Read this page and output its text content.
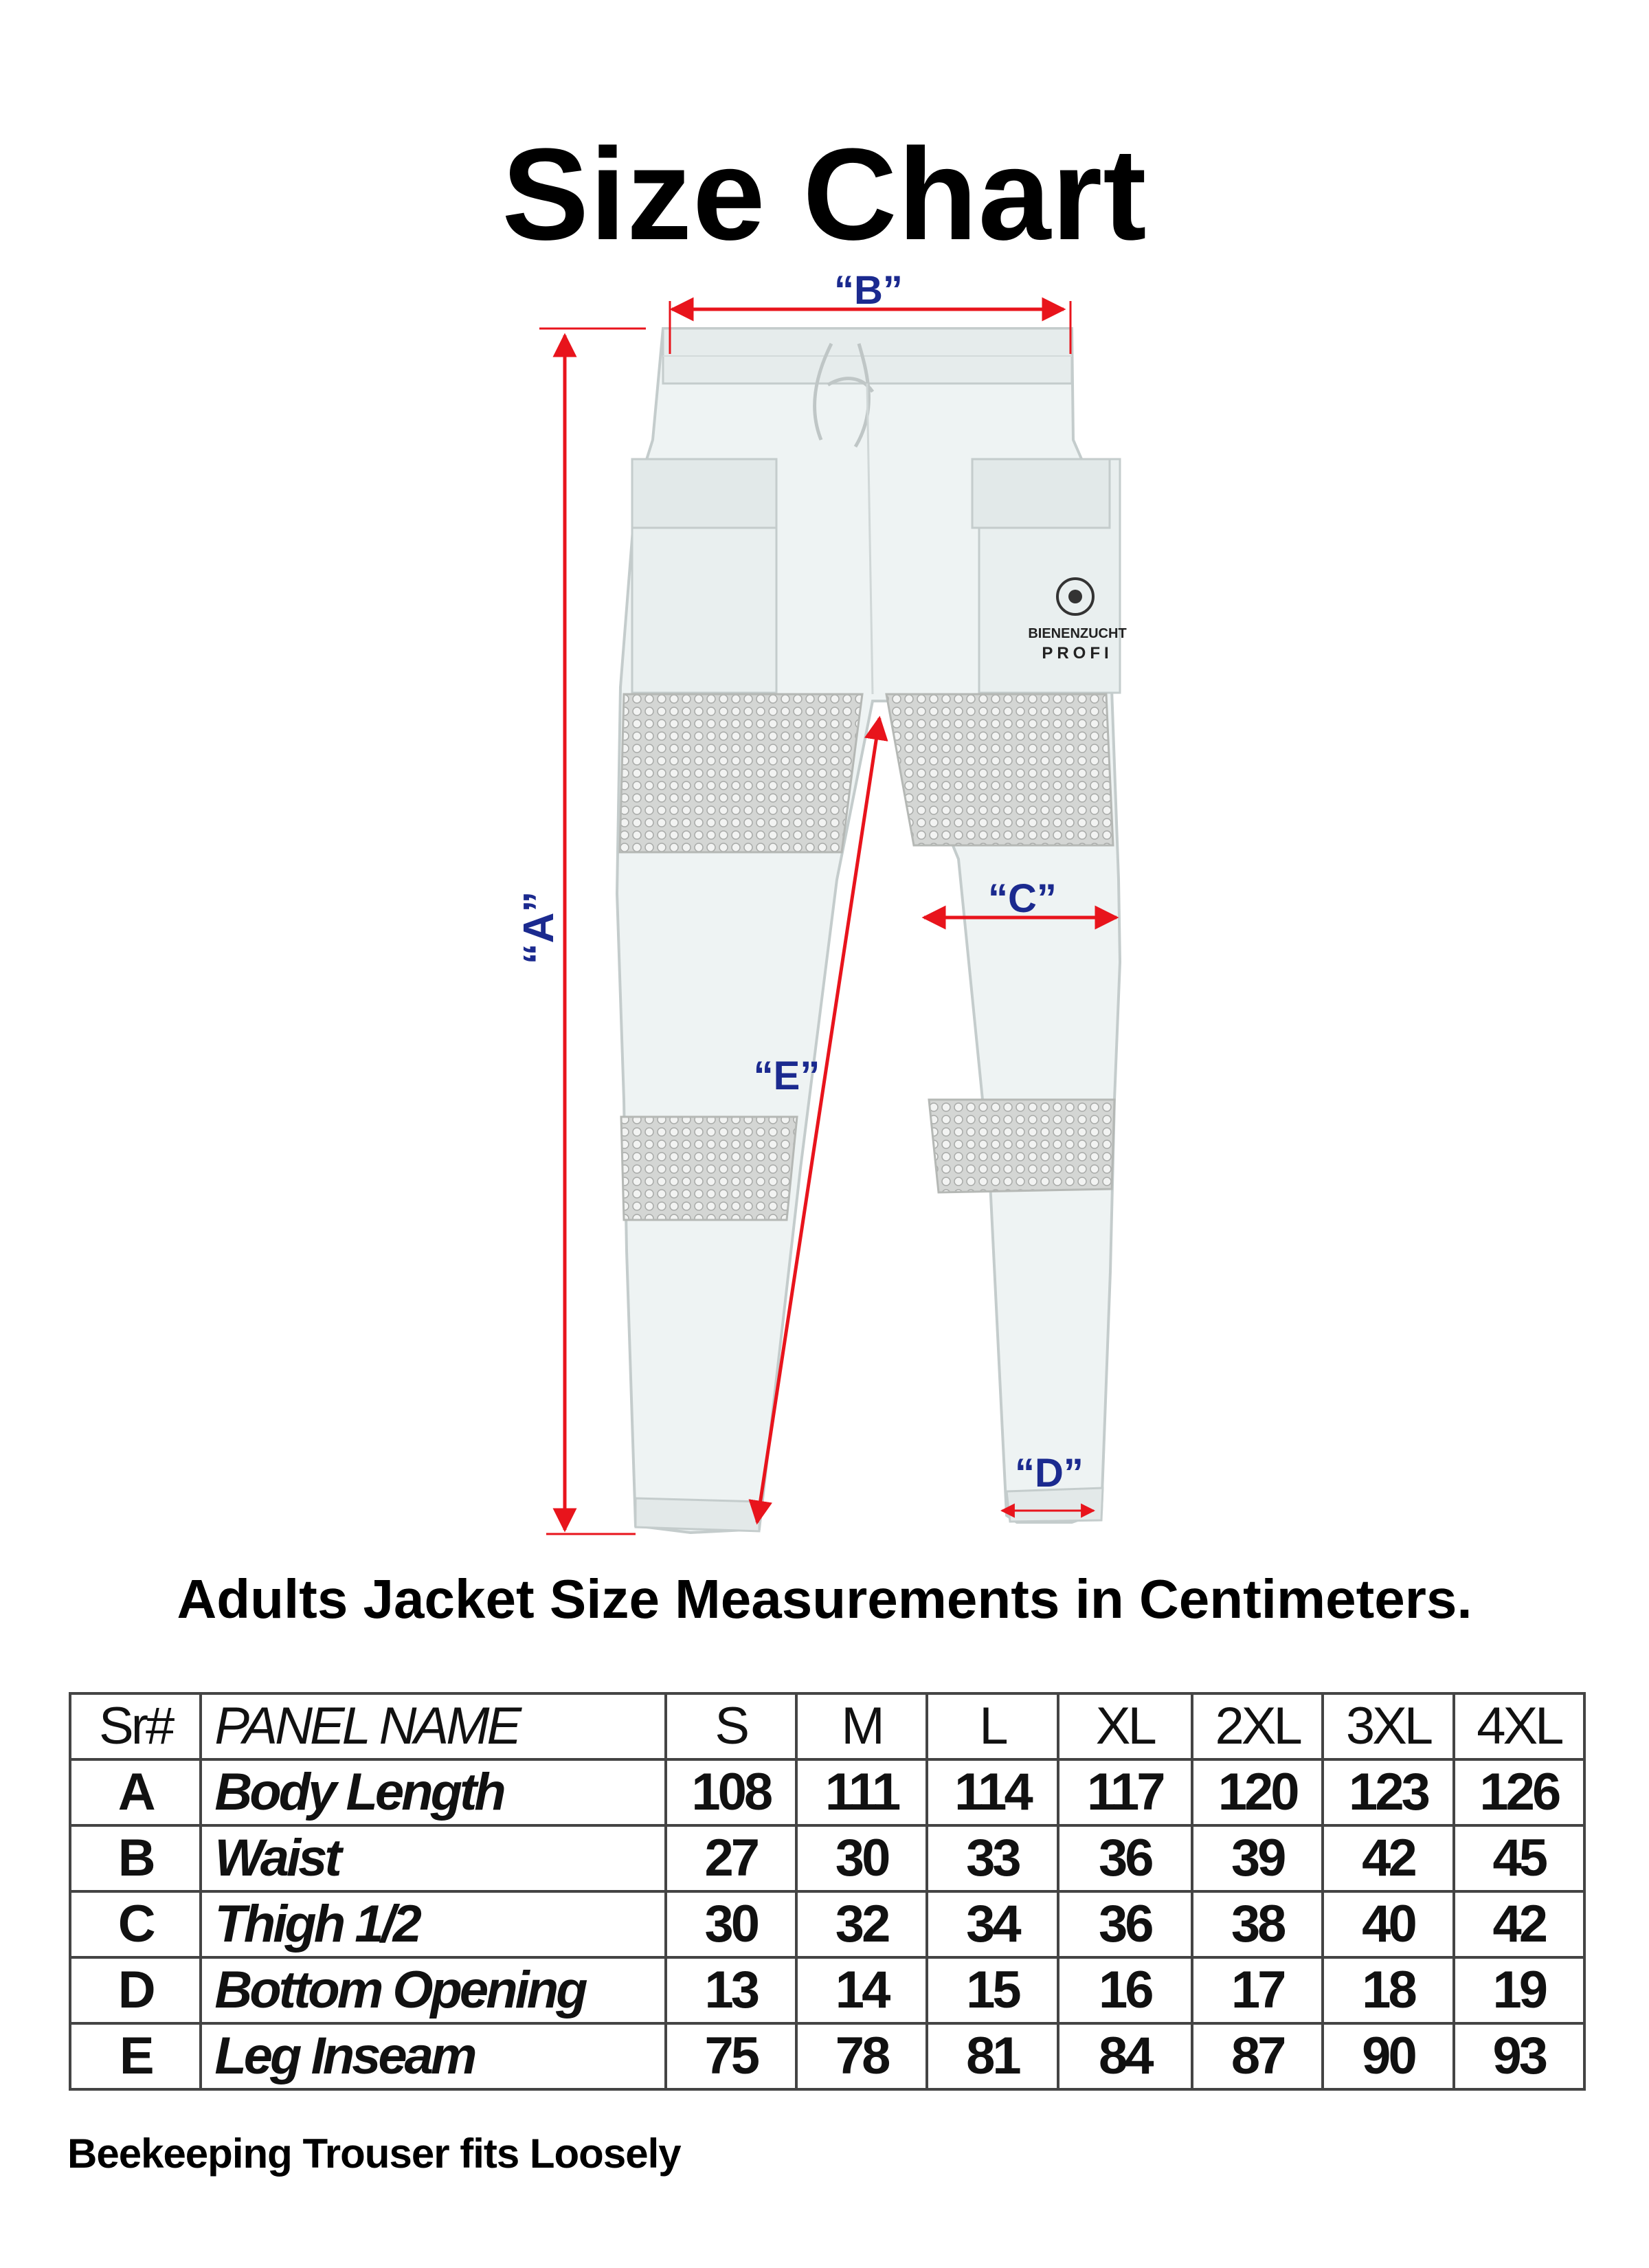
Size Chart
BIENENZUCHT
PROFI
“B”
“A”	“C”
“E”
“D”
Adults Jacket Size Measurements in Centimeters.
Sr#	PANEL NAME	S	M	L	XL	2XL	3XL	4XL
A	Body Length	108	111	114	117	120	123	126
B	Waist	27	30	33	36	39	42	45
C	Thigh 1/2	30	32	34	36	38	40	42
D	Bottom Opening	13	14	15	16	17	18	19
E	Leg Inseam	75	78	81	84	87	90	93
Beekeeping Trouser fits Loosely
